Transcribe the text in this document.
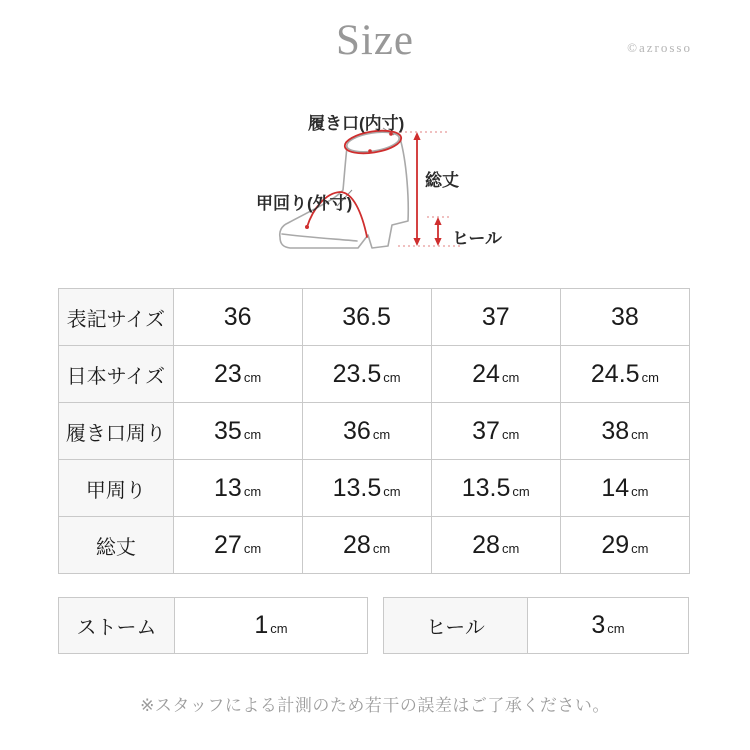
Size	©azrosso
履き口(内寸)
甲回り(外寸)
総丈
ヒール
表記サイズ	36	36.5	37	38
日本サイズ	23 cm	23.5 cm	24 cm	24.5 cm
履き口周り	35 cm	36 cm	37 cm	38 cm
甲周り	13 cm	13.5 cm	13.5 cm	14 cm
総丈	27 cm	28 cm	28 cm	29 cm
ストーム	1 cm	ヒール	3 cm
※スタッフによる計測のため若干の誤差はご了承ください。
